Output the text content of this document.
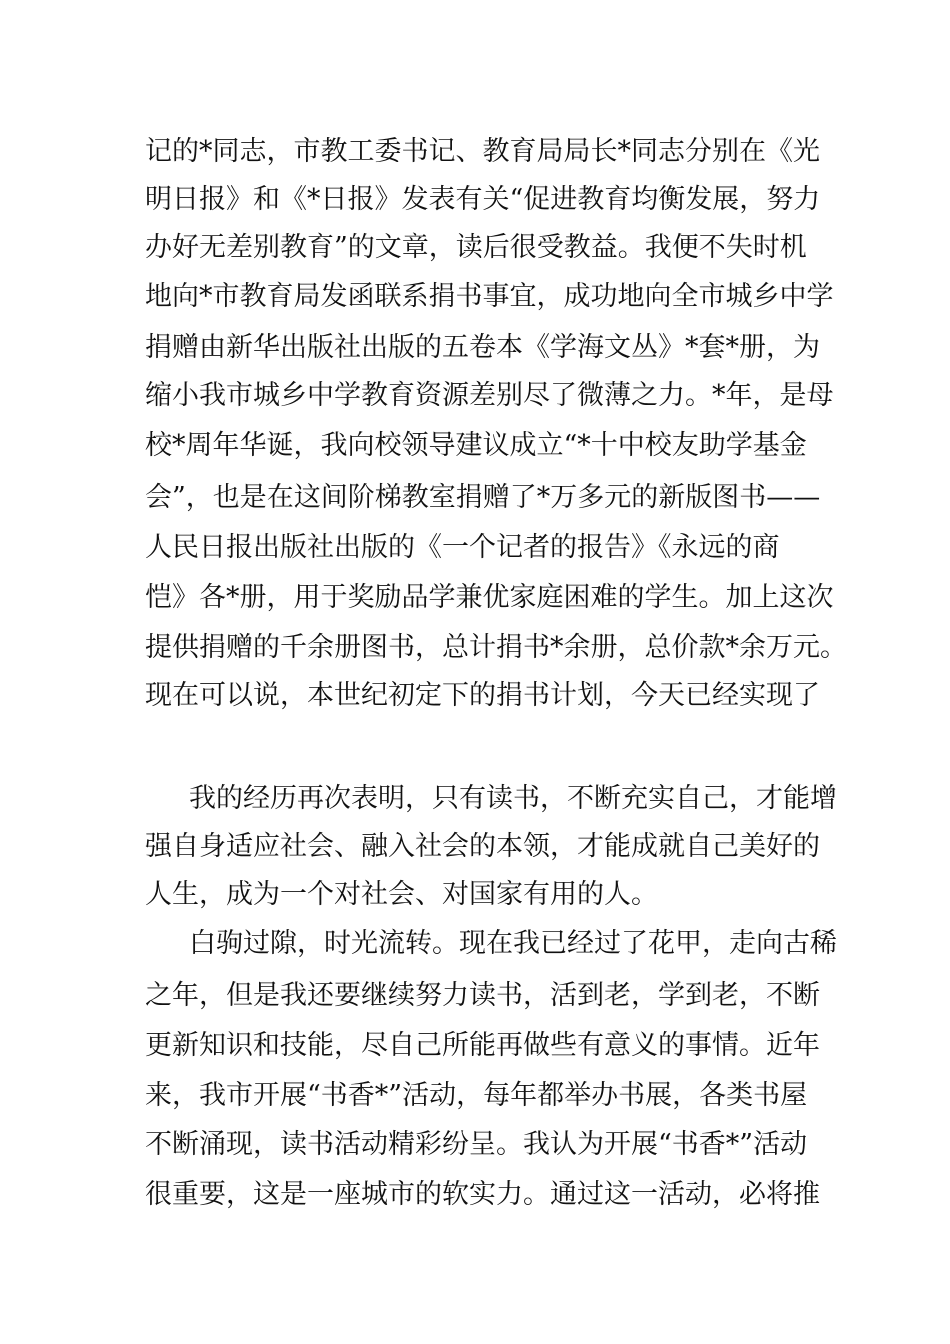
记的*同志，市教工委书记、教育局局长*同志分别在《光
明日报》和《*日报》发表有关“促进教育均衡发展，努力
办好无差别教育”的文章，读后很受教益。我便不失时机
地向*市教育局发函联系捐书事宜，成功地向全市城乡中学
捐赠由新华出版社出版的五卷本《学海文丛》*套*册，为
缩小我市城乡中学教育资源差别尽了微薄之力。*年，是母
校*周年华诞，我向校领导建议成立“*十中校友助学基金
会”，也是在这间阶梯教室捐赠了*万多元的新版图书——
人民日报出版社出版的《一个记者的报告》《永远的商
恺》各*册，用于奖励品学兼优家庭困难的学生。加上这次
提供捐赠的千余册图书，总计捐书*余册，总价款*余万元。
现在可以说，本世纪初定下的捐书计划，今天已经实现了
我的经历再次表明，只有读书，不断充实自己，才能增
强自身适应社会、融入社会的本领，才能成就自己美好的
人生，成为一个对社会、对国家有用的人。
白驹过隙，时光流转。现在我已经过了花甲，走向古稀
之年，但是我还要继续努力读书，活到老，学到老，不断
更新知识和技能，尽自己所能再做些有意义的事情。近年
来，我市开展“书香*”活动，每年都举办书展，各类书屋
不断涌现，读书活动精彩纷呈。我认为开展“书香*”活动
很重要，这是一座城市的软实力。通过这一活动，必将推
